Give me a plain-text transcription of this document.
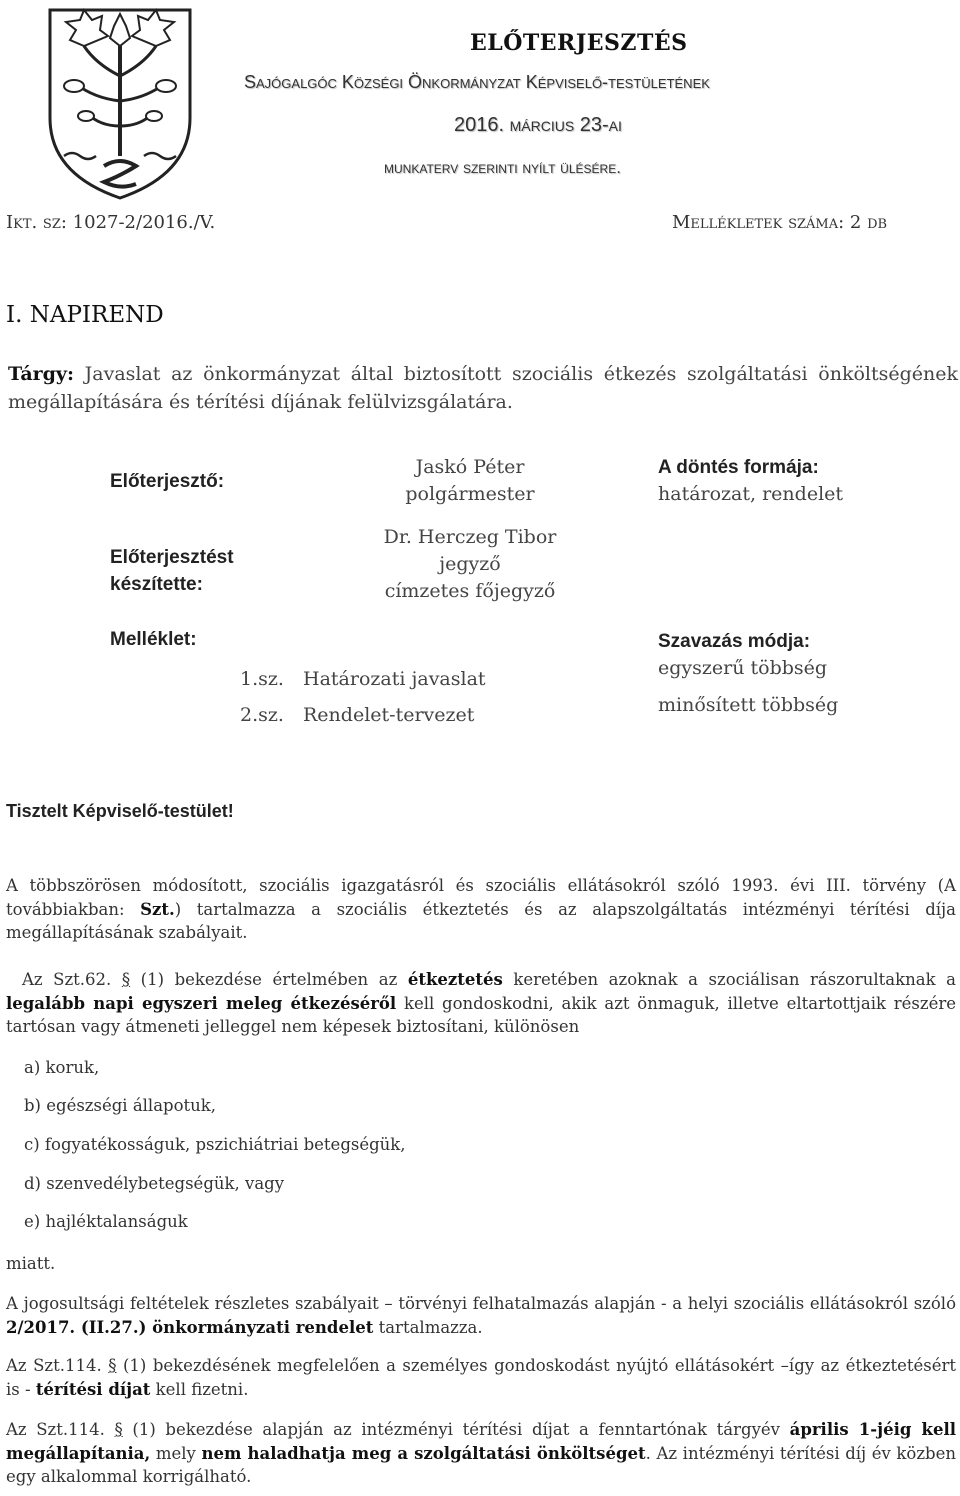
ELŐTERJESZTÉS
Sajógalgóc Községi Önkormányzat Képviselő-testületének
2016. március 23-ai
munkaterv szerinti nyílt ülésére.
Ikt. sz: 1027-2/2016./V.	Mellékletek száma: 2 db
I. NAPIREND
Tárgy: Javaslat az önkormányzat által biztosított szociális étkezés szolgáltatási önköltségének megállapítására és térítési díjának felülvizsgálatára.
Előterjesztő:
Jaskó Péter
polgármester
A döntés formája:
határozat, rendelet
Előterjesztést
készítette:
Dr. Herczeg Tibor
jegyző
címzetes főjegyző
Melléklet:
1.sz. Határozati javaslat
2.sz. Rendelet-tervezet
Szavazás módja:
egyszerű többség
minősített többség
Tisztelt Képviselő-testület!
A többszörösen módosított, szociális igazgatásról és szociális ellátásokról szóló 1993. évi III. törvény (A továbbiakban: Szt.) tartalmazza a szociális étkeztetés és az alapszolgáltatás intézményi térítési díja megállapításának szabályait.
Az Szt.62. § (1) bekezdése értelmében az étkeztetés keretében azoknak a szociálisan rászorultaknak a legalább napi egyszeri meleg étkezéséről kell gondoskodni, akik azt önmaguk, illetve eltartottjaik részére tartósan vagy átmeneti jelleggel nem képesek biztosítani, különösen
a) koruk,
b) egészségi állapotuk,
c) fogyatékosságuk, pszichiátriai betegségük,
d) szenvedélybetegségük, vagy
e) hajléktalanságuk
miatt.
A jogosultsági feltételek részletes szabályait – törvényi felhatalmazás alapján - a helyi szociális ellátásokról szóló 2/2017. (II.27.) önkormányzati rendelet tartalmazza.
Az Szt.114. § (1) bekezdésének megfelelően a személyes gondoskodást nyújtó ellátásokért –így az étkeztetésért is - térítési díjat kell fizetni.
Az Szt.114. § (1) bekezdése alapján az intézményi térítési díjat a fenntartónak tárgyév április 1-jéig kell megállapítania, mely nem haladhatja meg a szolgáltatási önköltséget. Az intézményi térítési díj év közben egy alkalommal korrigálható.
